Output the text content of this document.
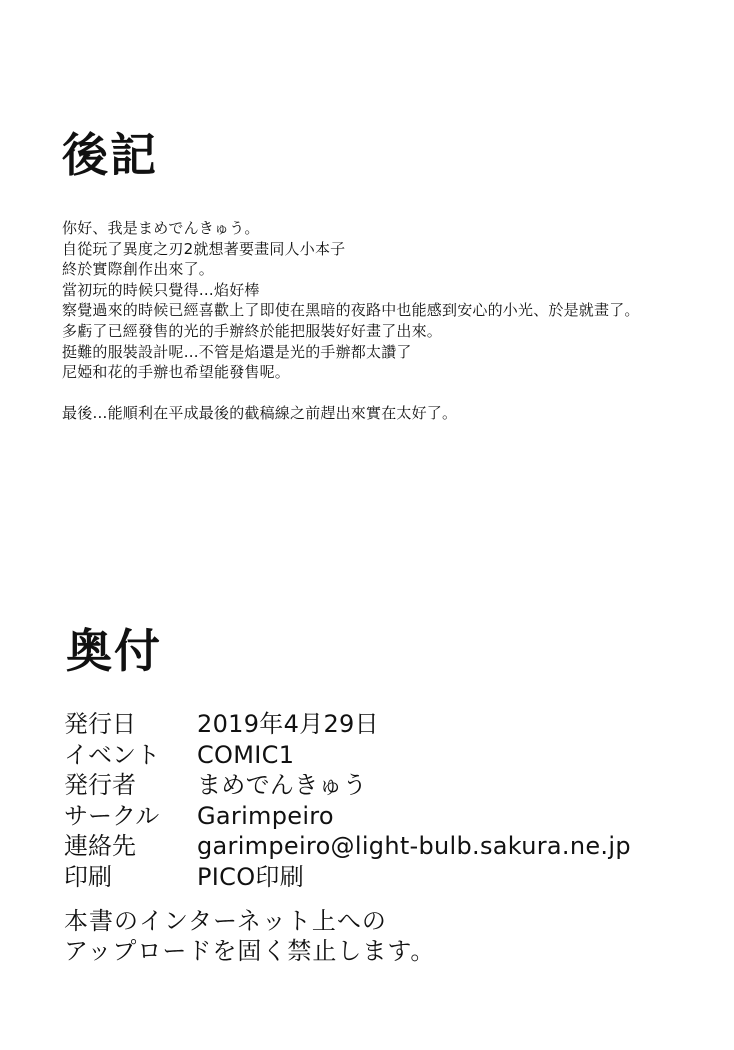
後記
你好、我是まめでんきゅう。
自從玩了異度之刃2就想著要畫同人小本子
終於實際創作出來了。
當初玩的時候只覺得…焰好棒
察覺過來的時候已經喜歡上了即使在黑暗的夜路中也能感到安心的小光、於是就畫了。
多虧了已經發售的光的手辦終於能把服裝好好畫了出來。
挺難的服裝設計呢…不管是焰還是光的手辦都太讚了
尼婭和花的手辦也希望能發售呢。
最後…能順利在平成最後的截稿線之前趕出來實在太好了。
奥付
発行日	2019年4月29日
イベント	COMIC1
発行者	まめでんきゅう
サークル	Garimpeiro
連絡先	garimpeiro@light-bulb.sakura.ne.jp
印刷	PICO印刷
本書のインターネット上への
アップロードを固く禁止します。
